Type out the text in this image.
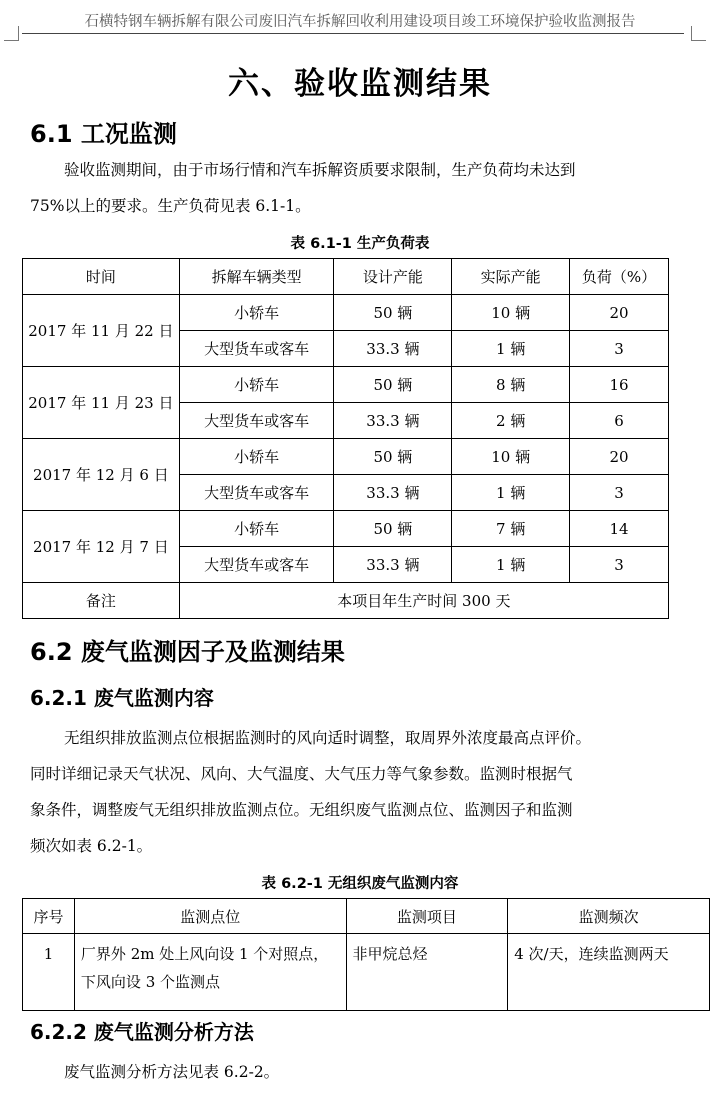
石横特钢车辆拆解有限公司废旧汽车拆解回收利用建设项目竣工环境保护验收监测报告
六、验收监测结果
6.1 工况监测
验收监测期间，由于市场行情和汽车拆解资质要求限制，生产负荷均未达到
75%以上的要求。生产负荷见表 6.1-1。
表 6.1-1 生产负荷表
时间	拆解车辆类型	设计产能	实际产能	负荷（%）
2017 年 11 月 22 日	小轿车	50 辆	10 辆	20
	大型货车或客车	33.3 辆	1 辆	3
2017 年 11 月 23 日	小轿车	50 辆	8 辆	16
	大型货车或客车	33.3 辆	2 辆	6
2017 年 12 月 6 日	小轿车	50 辆	10 辆	20
	大型货车或客车	33.3 辆	1 辆	3
2017 年 12 月 7 日	小轿车	50 辆	7 辆	14
	大型货车或客车	33.3 辆	1 辆	3
备注	本项目年生产时间 300 天			
6.2 废气监测因子及监测结果
6.2.1 废气监测内容
无组织排放监测点位根据监测时的风向适时调整，取周界外浓度最高点评价。
同时详细记录天气状况、风向、大气温度、大气压力等气象参数。监测时根据气
象条件，调整废气无组织排放监测点位。无组织废气监测点位、监测因子和监测
频次如表 6.2-1。
表 6.2-1 无组织废气监测内容
序号	监测点位	监测项目	监测频次
1	厂界外 2m 处上风向设 1 个对照点，
下风向设 3 个监测点	非甲烷总烃	4 次/天，连续监测两天
6.2.2 废气监测分析方法
废气监测分析方法见表 6.2-2。
